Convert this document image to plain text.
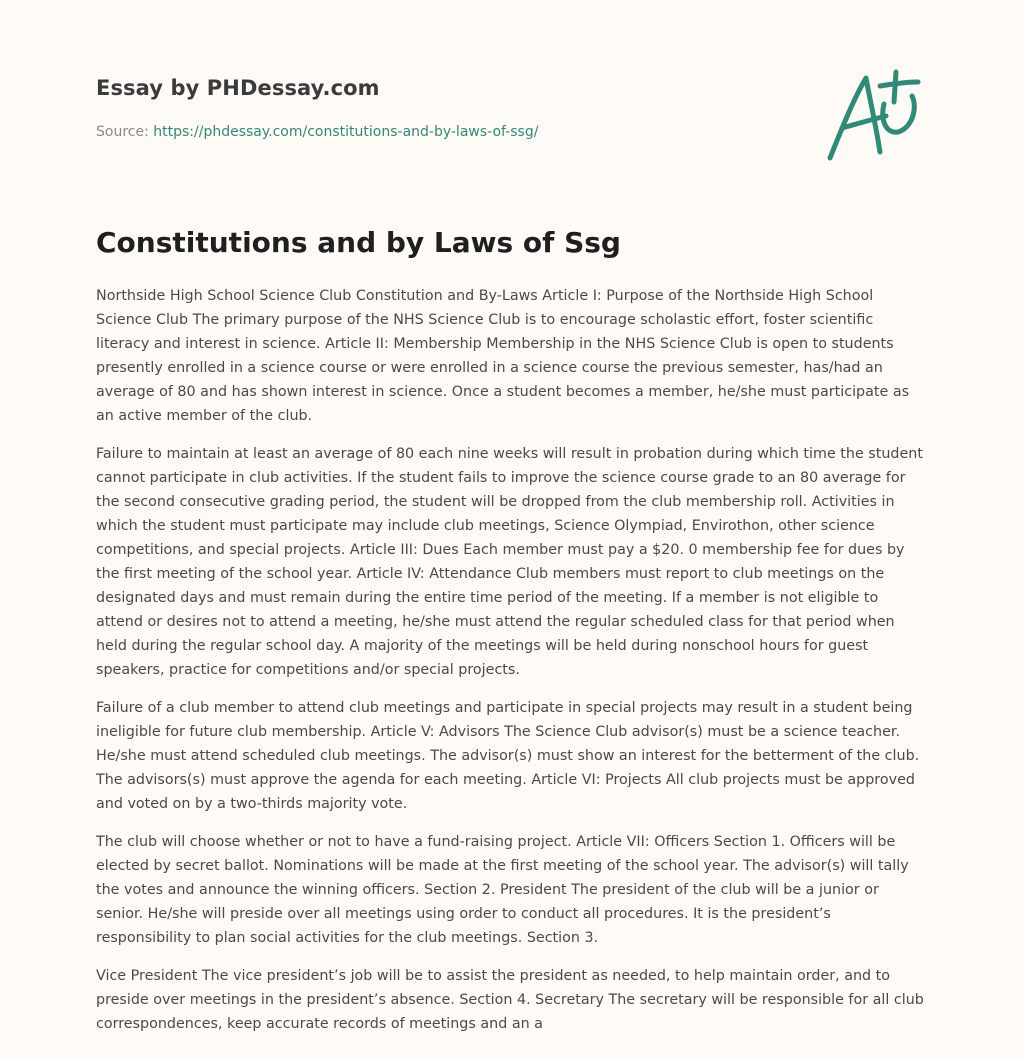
Essay by PHDessay.com
Source: https://phdessay.com/constitutions-and-by-laws-of-ssg/
Constitutions and by Laws of Ssg

Northside High School Science Club Constitution and By-Laws Article I: Purpose of the Northside High School Science Club The primary purpose of the NHS Science Club is to encourage scholastic effort, foster scientific literacy and interest in science. Article II: Membership Membership in the NHS Science Club is open to students presently enrolled in a science course or were enrolled in a science course the previous semester, has/had an average of 80 and has shown interest in science. Once a student becomes a member, he/she must participate as an active member of the club.

Failure to maintain at least an average of 80 each nine weeks will result in probation during which time the student cannot participate in club activities. If the student fails to improve the science course grade to an 80 average for the second consecutive grading period, the student will be dropped from the club membership roll. Activities in which the student must participate may include club meetings, Science Olympiad, Envirothon, other science competitions, and special projects. Article III: Dues Each member must pay a $20. 0 membership fee for dues by the first meeting of the school year. Article IV: Attendance Club members must report to club meetings on the designated days and must remain during the entire time period of the meeting. If a member is not eligible to attend or desires not to attend a meeting, he/she must attend the regular scheduled class for that period when held during the regular school day. A majority of the meetings will be held during nonschool hours for guest speakers, practice for competitions and/or special projects.

Failure of a club member to attend club meetings and participate in special projects may result in a student being ineligible for future club membership. Article V: Advisors The Science Club advisor(s) must be a science teacher. He/she must attend scheduled club meetings. The advisor(s) must show an interest for the betterment of the club. The advisors(s) must approve the agenda for each meeting. Article VI: Projects All club projects must be approved and voted on by a two-thirds majority vote.

The club will choose whether or not to have a fund-raising project. Article VII: Officers Section 1. Officers will be elected by secret ballot. Nominations will be made at the first meeting of the school year. The advisor(s) will tally the votes and announce the winning officers. Section 2. President The president of the club will be a junior or senior. He/she will preside over all meetings using order to conduct all procedures. It is the president’s responsibility to plan social activities for the club meetings. Section 3.

Vice President The vice president’s job will be to assist the president as needed, to help maintain order, and to preside over meetings in the president’s absence. Section 4. Secretary The secretary will be responsible for all club correspondences, keep accurate records of meetings and an a
